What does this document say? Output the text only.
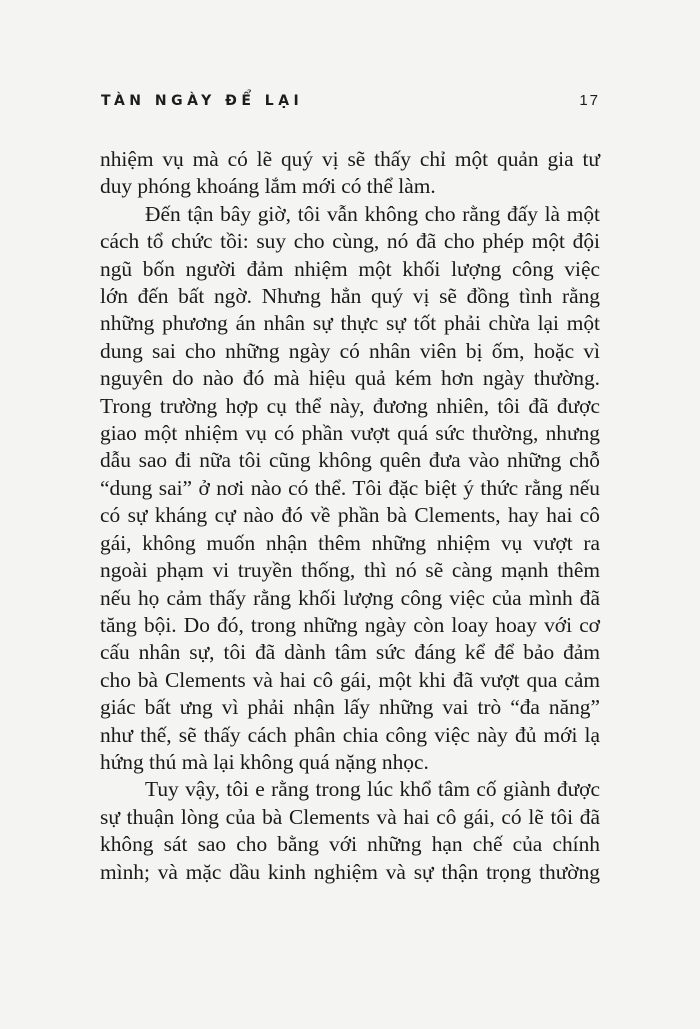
TÀN NGÀY ĐỂ LẠI	17
nhiệm vụ mà có lẽ quý vị sẽ thấy chỉ một quản gia tư
duy phóng khoáng lắm mới có thể làm.
Đến tận bây giờ, tôi vẫn không cho rằng đấy là một
cách tổ chức tồi: suy cho cùng, nó đã cho phép một đội
ngũ bốn người đảm nhiệm một khối lượng công việc
lớn đến bất ngờ. Nhưng hẳn quý vị sẽ đồng tình rằng
những phương án nhân sự thực sự tốt phải chừa lại một
dung sai cho những ngày có nhân viên bị ốm, hoặc vì
nguyên do nào đó mà hiệu quả kém hơn ngày thường.
Trong trường hợp cụ thể này, đương nhiên, tôi đã được
giao một nhiệm vụ có phần vượt quá sức thường, nhưng
dẫu sao đi nữa tôi cũng không quên đưa vào những chỗ
“dung sai” ở nơi nào có thể. Tôi đặc biệt ý thức rằng nếu
có sự kháng cự nào đó về phần bà Clements, hay hai cô
gái, không muốn nhận thêm những nhiệm vụ vượt ra
ngoài phạm vi truyền thống, thì nó sẽ càng mạnh thêm
nếu họ cảm thấy rằng khối lượng công việc của mình đã
tăng bội. Do đó, trong những ngày còn loay hoay với cơ
cấu nhân sự, tôi đã dành tâm sức đáng kể để bảo đảm
cho bà Clements và hai cô gái, một khi đã vượt qua cảm
giác bất ưng vì phải nhận lấy những vai trò “đa năng”
như thế, sẽ thấy cách phân chia công việc này đủ mới lạ
hứng thú mà lại không quá nặng nhọc.
Tuy vậy, tôi e rằng trong lúc khổ tâm cố giành được
sự thuận lòng của bà Clements và hai cô gái, có lẽ tôi đã
không sát sao cho bằng với những hạn chế của chính
mình; và mặc dầu kinh nghiệm và sự thận trọng thường
